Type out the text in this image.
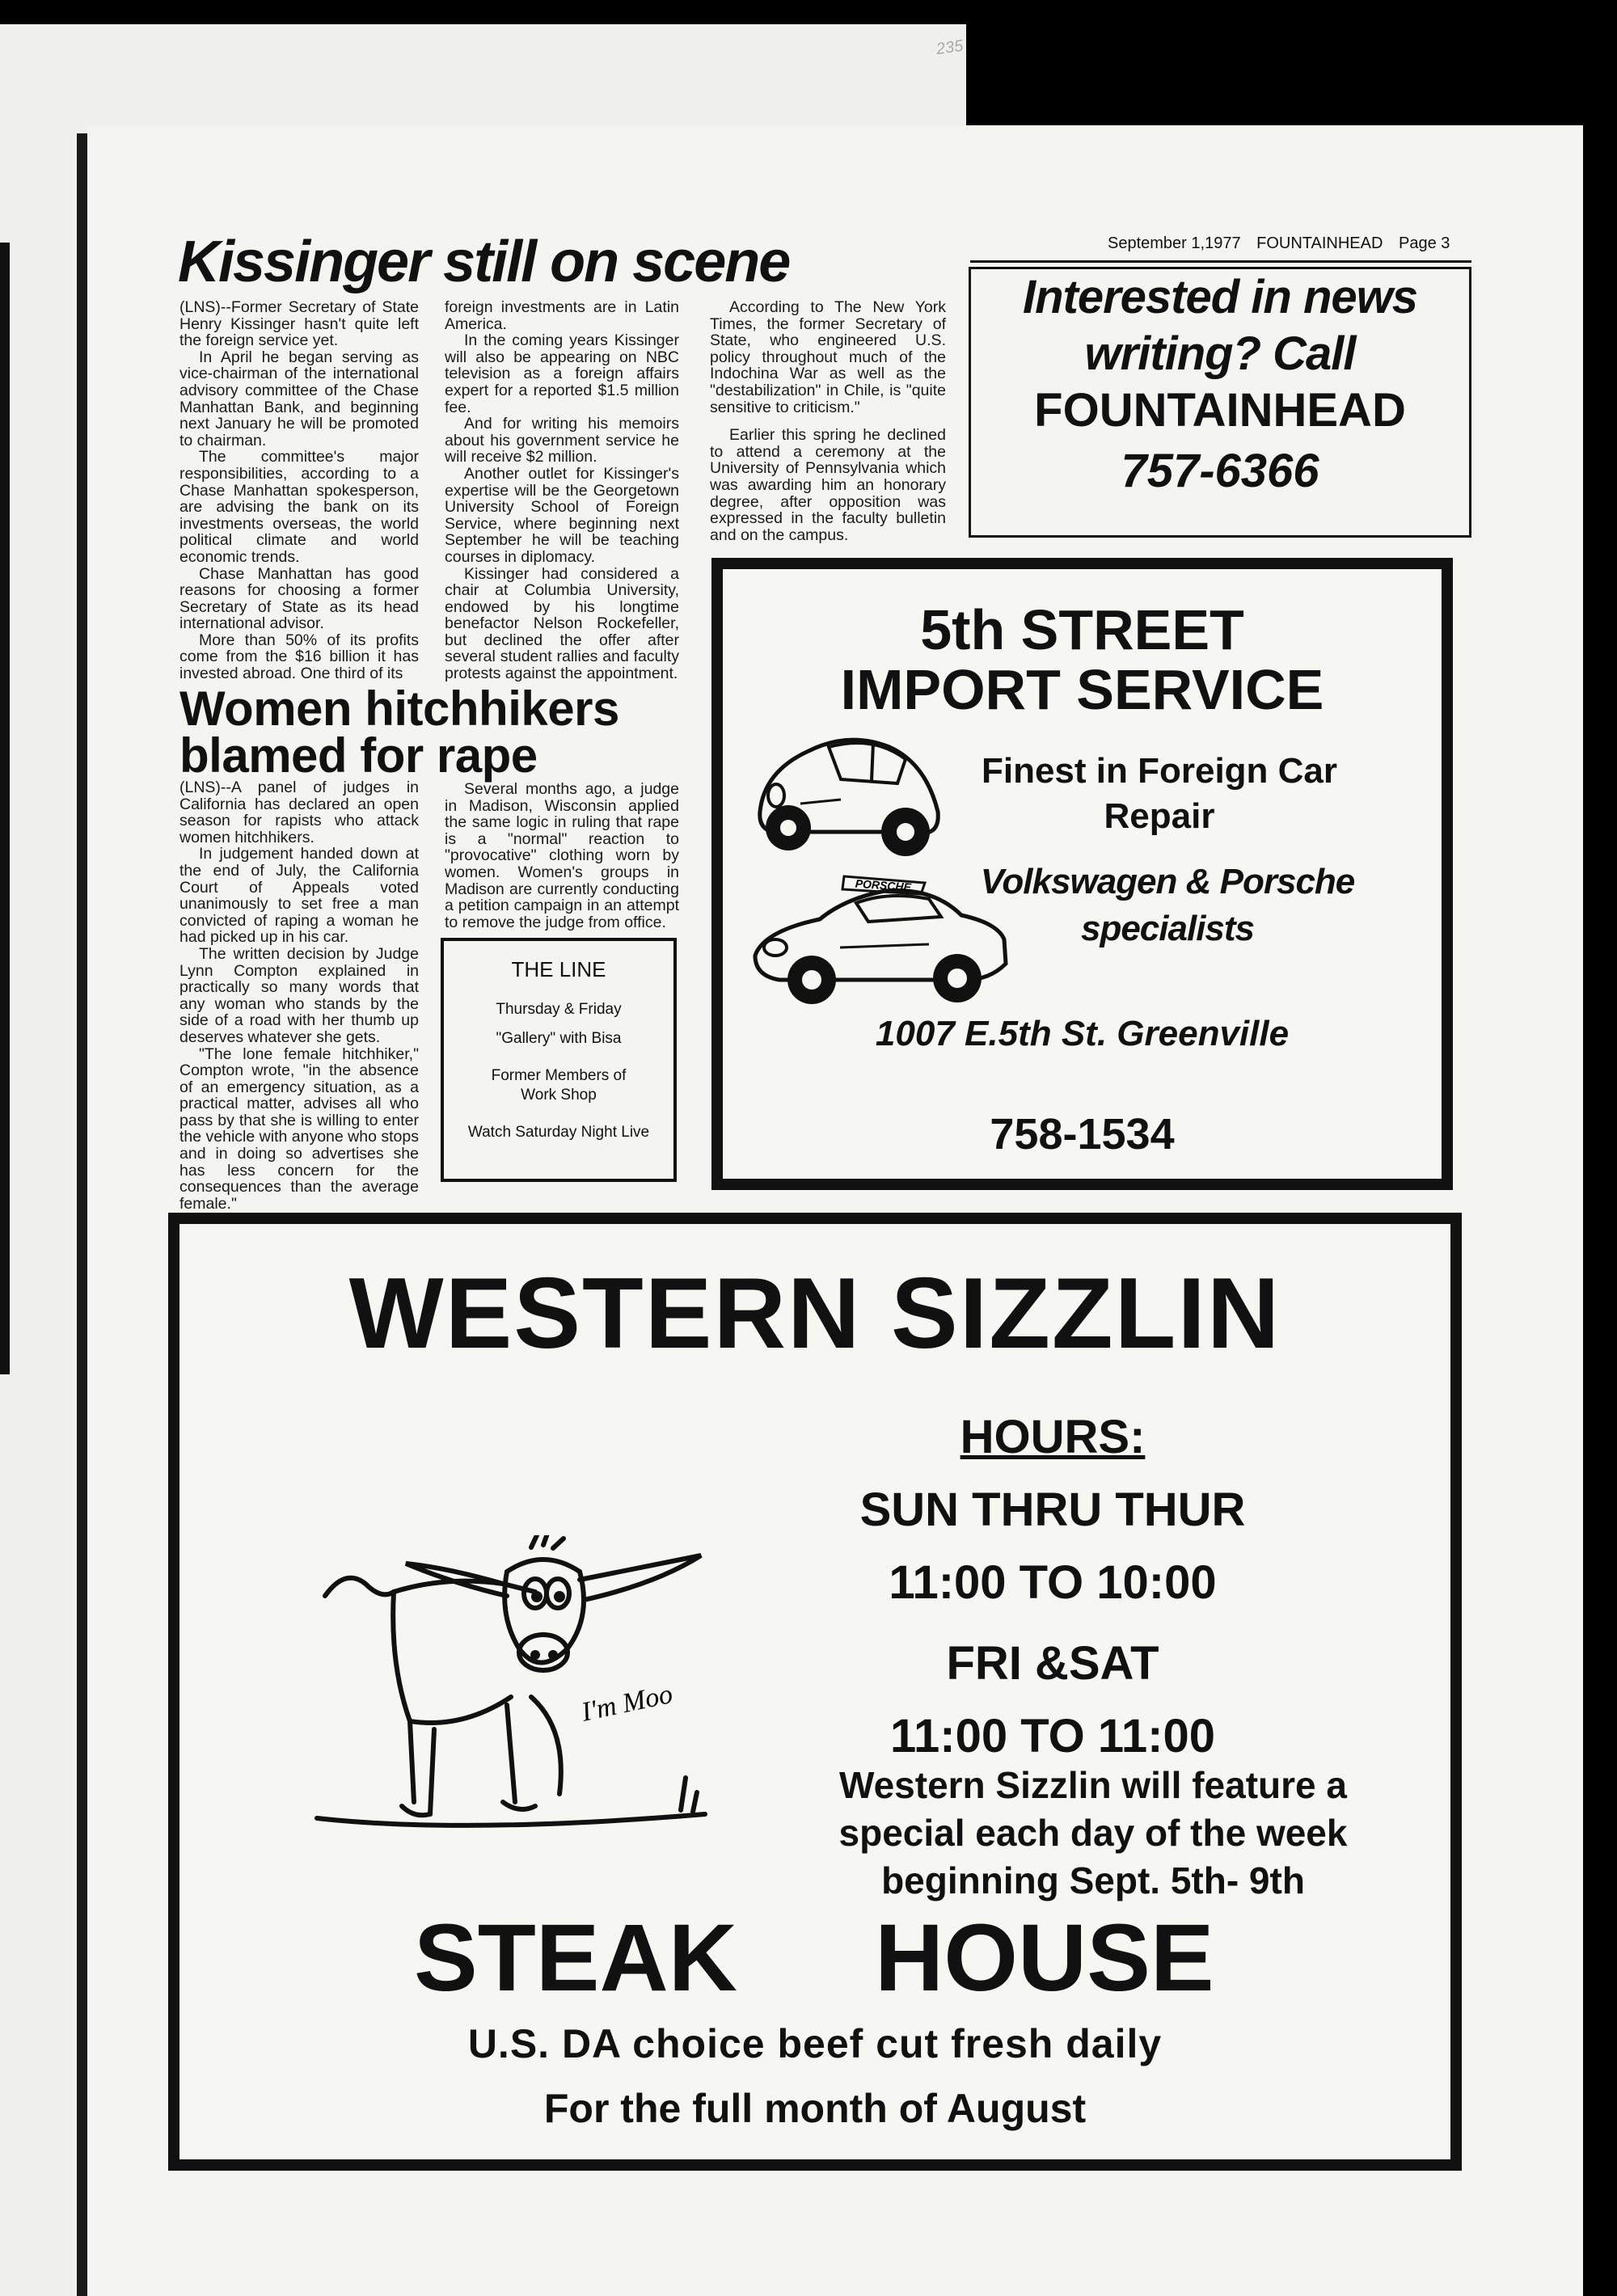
235
September 1,1977 FOUNTAINHEAD Page 3
Kissinger still on scene

(LNS)--Former Secretary of State Henry Kissinger hasn't quite left the foreign service yet.

In April he began serving as vice-chairman of the international advisory committee of the Chase Manhattan Bank, and beginning next January he will be promoted to chairman.

The committee's major responsibilities, according to a Chase Manhattan spokesperson, are advising the bank on its investments overseas, the world political climate and world economic trends.

Chase Manhattan has good reasons for choosing a former Secretary of State as its head international advisor.

More than 50% of its profits come from the $16 billion it has invested abroad. One third of its

foreign investments are in Latin America.

In the coming years Kissinger will also be appearing on NBC television as a foreign affairs expert for a reported $1.5 million fee.

And for writing his memoirs about his government service he will receive $2 million.

Another outlet for Kissinger's expertise will be the Georgetown University School of Foreign Service, where beginning next September he will be teaching courses in diplomacy.

Kissinger had considered a chair at Columbia University, endowed by his longtime benefactor Nelson Rockefeller, but declined the offer after several student rallies and faculty protests against the appointment.

According to The New York Times, the former Secretary of State, who engineered U.S. policy throughout much of the Indochina War as well as the "destabilization" in Chile, is "quite sensitive to criticism."

Earlier this spring he declined to attend a ceremony at the University of Pennsylvania which was awarding him an honorary degree, after opposition was expressed in the faculty bulletin and on the campus.

Women hitchhikers blamed for rape

(LNS)--A panel of judges in California has declared an open season for rapists who attack women hitchhikers.

In judgement handed down at the end of July, the California Court of Appeals voted unanimously to set free a man convicted of raping a woman he had picked up in his car.

The written decision by Judge Lynn Compton explained in practically so many words that any woman who stands by the side of a road with her thumb up deserves whatever she gets.

"The lone female hitchhiker," Compton wrote, "in the absence of an emergency situation, as a practical matter, advises all who pass by that she is willing to enter the vehicle with anyone who stops and in doing so advertises she has less concern for the consequences than the average female."

Several months ago, a judge in Madison, Wisconsin applied the same logic in ruling that rape is a "normal" reaction to "provocative" clothing worn by women. Women's groups in Madison are currently conducting a petition campaign in an attempt to remove the judge from office.

THE LINE
Thursday & Friday
"Gallery" with Bisa
Former Members of Work Shop
Watch Saturday Night Live
Interested in news
writing? Call
FOUNTAINHEAD
757-6366
5th STREET
IMPORT SERVICE
PORSCHE
Finest in Foreign Car Repair
Volkswagen & Porsche specialists
1007 E.5th St. Greenville
758-1534
WESTERN SIZZLIN
HOURS:
SUN THRU THUR
11:00 TO 10:00
FRI &SAT
11:00 TO 11:00
Western Sizzlin will feature a special each day of the week beginning Sept. 5th- 9th
I'm Moo
STEAK HOUSE
U.S. DA choice beef cut fresh daily
For the full month of August
